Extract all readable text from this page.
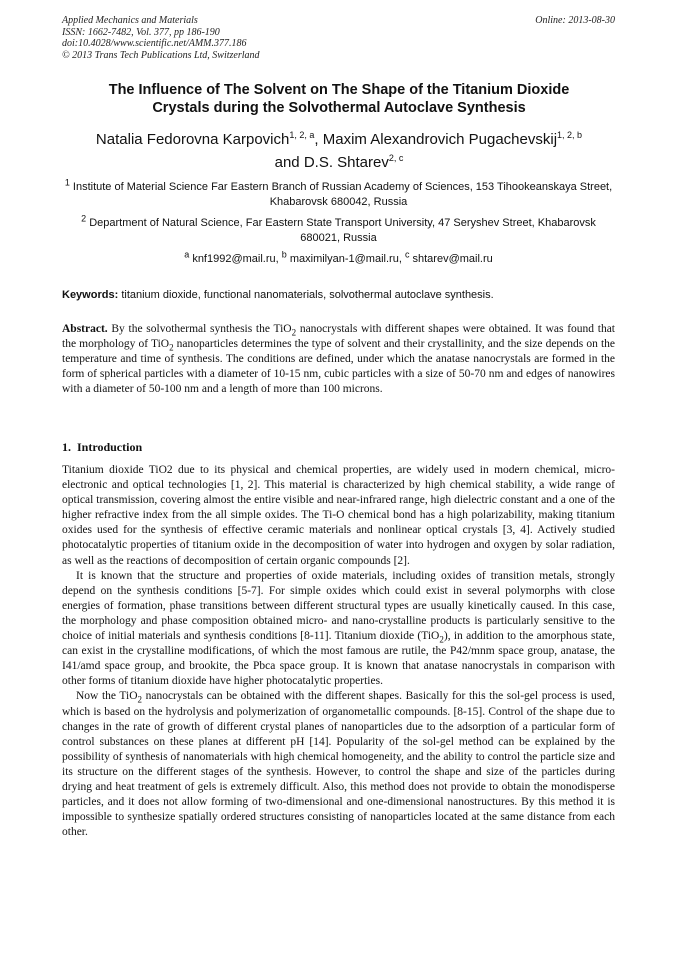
Applied Mechanics and Materials
ISSN: 1662-7482, Vol. 377, pp 186-190
doi:10.4028/www.scientific.net/AMM.377.186
© 2013 Trans Tech Publications Ltd, Switzerland
Online: 2013-08-30
The Influence of The Solvent on The Shape of the Titanium Dioxide
Crystals during the Solvothermal Autoclave Synthesis
Natalia Fedorovna Karpovich$^{1, 2, a}$, Maxim Alexandrovich Pugachevskij$^{1, 2, b}$
and D.S. Shtarev$^{2, c}$
$^1$ Institute of Material Science Far Eastern Branch of Russian Academy of Sciences, 153 Tihookeanskaya Street, Khabarovsk 680042, Russia
$^2$ Department of Natural Science, Far Eastern State Transport University, 47 Seryshev Street, Khabarovsk 680021, Russia
$^a$ knf1992@mail.ru, $^b$ maximilyan-1@mail.ru, $^c$ shtarev@mail.ru
Keywords: titanium dioxide, functional nanomaterials, solvothermal autoclave synthesis.

Abstract. By the solvothermal synthesis the TiO$_2$ nanocrystals with different shapes were obtained. It was found that the morphology of TiO$_2$ nanoparticles determines the type of solvent and their crystallinity, and the size depends on the temperature and time of synthesis. The conditions are defined, under which the anatase nanocrystals are formed in the form of spherical particles with a diameter of 10-15 nm, cubic particles with a size of 50-70 nm and edges of nanowires with a diameter of 50-100 nm and a length of more than 100 microns.

1. Introduction

Titanium dioxide TiO2 due to its physical and chemical properties, are widely used in modern chemical, micro-electronic and optical technologies [1, 2]. This material is characterized by high chemical stability, a wide range of optical transmission, covering almost the entire visible and near-infrared range, high dielectric constant and a one of the higher refractive index from the all simple oxides. The Ti-O chemical bond has a high polarizability, making titanium oxides used for the synthesis of effective ceramic materials and nonlinear optical crystals [3, 4]. Actively studied photocatalytic properties of titanium oxide in the decomposition of water into hydrogen and oxygen by solar radiation, as well as the reactions of decomposition of certain organic compounds [2].

It is known that the structure and properties of oxide materials, including oxides of transition metals, strongly depend on the synthesis conditions [5-7]. For simple oxides which could exist in several polymorphs with close energies of formation, phase transitions between different structural types are usually kinetically caused. In this case, the morphology and phase composition obtained micro- and nano-crystalline products is particularly sensitive to the choice of initial materials and synthesis conditions [8-11]. Titanium dioxide (TiO$_2$), in addition to the amorphous state, can exist in the crystalline modifications, of which the most famous are rutile, the P42/mnm space group, anatase, the I41/amd space group, and brookite, the Pbca space group. It is known that anatase nanocrystals in comparison with other forms of titanium dioxide have higher photocatalytic properties.

Now the TiO$_2$ nanocrystals can be obtained with the different shapes. Basically for this the sol-gel process is used, which is based on the hydrolysis and polymerization of organometallic compounds. [8-15]. Control of the shape due to changes in the rate of growth of different crystal planes of nanoparticles due to the adsorption of a particular form of control substances on these planes at different pH [14]. Popularity of the sol-gel method can be explained by the possibility of synthesis of nanomaterials with high chemical homogeneity, and the ability to control the particle size and its structure on the different stages of the synthesis. However, to control the shape and size of the particles during drying and heat treatment of gels is extremely difficult. Also, this method does not provide to obtain the monodisperse particles, and it does not allow forming of two-dimensional and one-dimensional nanostructures. By this method it is impossible to synthesize spatially ordered structures consisting of nanoparticles located at the same distance from each other.
